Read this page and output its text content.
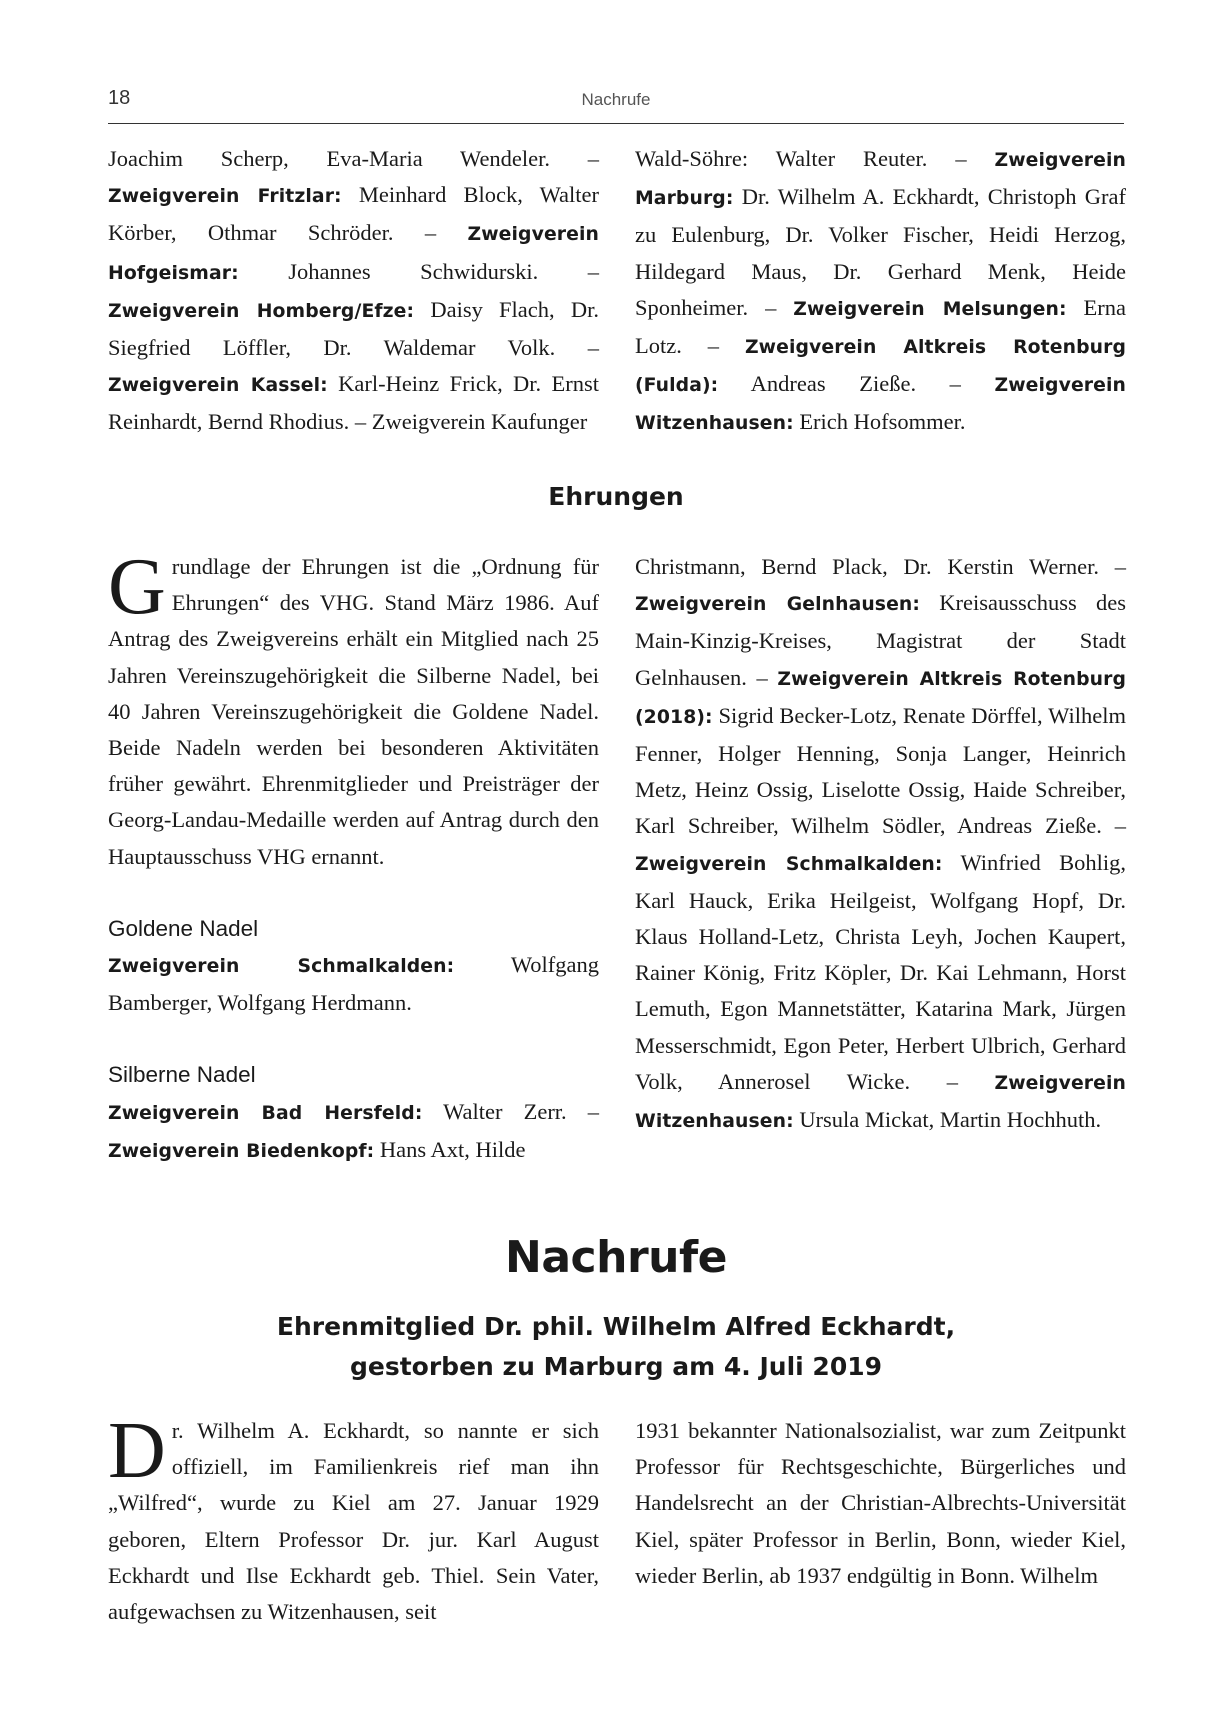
18	Nachrufe

Joachim Scherp, Eva-Maria Wendeler. – Zweigverein Fritzlar: Meinhard Block, Walter Körber, Othmar Schröder. – Zweigverein Hofgeismar: Johannes Schwidurski. – Zweigverein Homberg/Efze: Daisy Flach, Dr. Siegfried Löffler, Dr. Waldemar Volk. – Zweigverein Kassel: Karl-Heinz Frick, Dr. Ernst Reinhardt, Bernd Rhodius. – Zweigverein Kaufunger

Wald-Söhre: Walter Reuter. – Zweigverein Marburg: Dr. Wilhelm A. Eckhardt, Christoph Graf zu Eulenburg, Dr. Volker Fischer, Heidi Herzog, Hildegard Maus, Dr. Gerhard Menk, Heide Sponheimer. – Zweigverein Melsungen: Erna Lotz. – Zweigverein Altkreis Rotenburg (Fulda): Andreas Zieße. – Zweigverein Witzenhausen: Erich Hofsommer.

Ehrungen

Grundlage der Ehrungen ist die „Ordnung für Ehrungen“ des VHG. Stand März 1986. Auf Antrag des Zweigvereins erhält ein Mitglied nach 25 Jahren Vereinszugehörigkeit die Silberne Nadel, bei 40 Jahren Vereinszugehörigkeit die Goldene Nadel. Beide Nadeln werden bei besonderen Aktivitäten früher gewährt. Ehrenmitglieder und Preisträger der Georg-Landau-Medaille werden auf Antrag durch den Hauptausschuss VHG ernannt.

Goldene Nadel

Zweigverein Schmalkalden: Wolfgang Bamberger, Wolfgang Herdmann.

Silberne Nadel

Zweigverein Bad Hersfeld: Walter Zerr. – Zweigverein Biedenkopf: Hans Axt, Hilde

Christmann, Bernd Plack, Dr. Kerstin Werner. – Zweigverein Gelnhausen: Kreisausschuss des Main-Kinzig-Kreises, Magistrat der Stadt Gelnhausen. – Zweigverein Altkreis Rotenburg (2018): Sigrid Becker-Lotz, Renate Dörffel, Wilhelm Fenner, Holger Henning, Sonja Langer, Heinrich Metz, Heinz Ossig, Liselotte Ossig, Haide Schreiber, Karl Schreiber, Wilhelm Södler, Andreas Zieße. – Zweigverein Schmalkalden: Winfried Bohlig, Karl Hauck, Erika Heilgeist, Wolfgang Hopf, Dr. Klaus Holland-Letz, Christa Leyh, Jochen Kaupert, Rainer König, Fritz Köpler, Dr. Kai Lehmann, Horst Lemuth, Egon Mannetstätter, Katarina Mark, Jürgen Messerschmidt, Egon Peter, Herbert Ulbrich, Gerhard Volk, Annerosel Wicke. – Zweigverein Witzenhausen: Ursula Mickat, Martin Hochhuth.

Nachrufe
Ehrenmitglied Dr. phil. Wilhelm Alfred Eckhardt,
gestorben zu Marburg am 4. Juli 2019

Dr. Wilhelm A. Eckhardt, so nannte er sich offiziell, im Familienkreis rief man ihn „Wilfred“, wurde zu Kiel am 27. Januar 1929 geboren, Eltern Professor Dr. jur. Karl August Eckhardt und Ilse Eckhardt geb. Thiel. Sein Vater, aufgewachsen zu Witzenhausen, seit

1931 bekannter Nationalsozialist, war zum Zeitpunkt Professor für Rechtsgeschichte, Bürgerliches und Handelsrecht an der Christian-Albrechts-Universität Kiel, später Professor in Berlin, Bonn, wieder Kiel, wieder Berlin, ab 1937 endgültig in Bonn. Wilhelm
